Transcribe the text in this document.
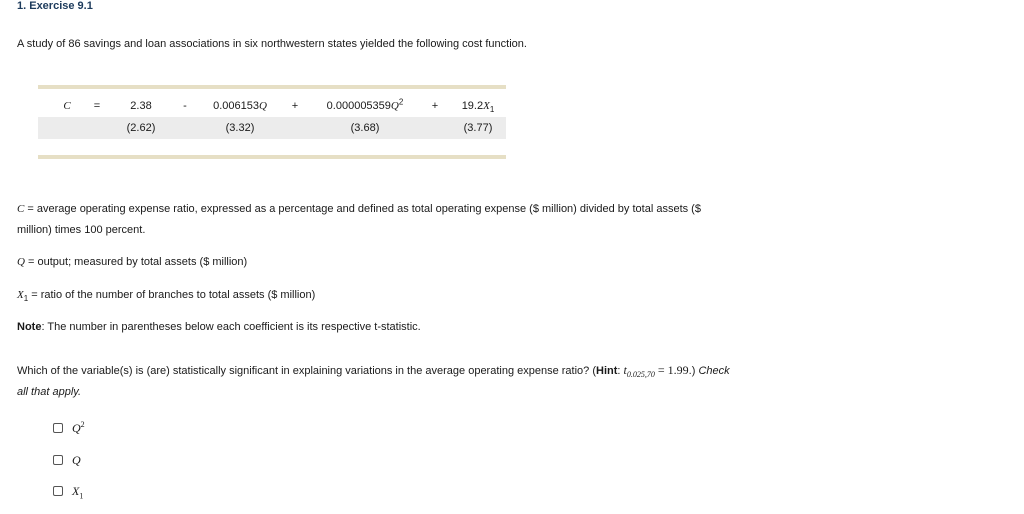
1. Exercise 9.1
A study of 86 savings and loan associations in six northwestern states yielded the following cost function.
C	=	2.38	-	0.006153Q	+	$0.000005359Q^2$	+	$19.2X_1$
(2.62)	(3.32)	(3.68)	(3.77)
C = average operating expense ratio, expressed as a percentage and defined as total operating expense ($ million) divided by total assets ($
million) times 100 percent.
Q = output; measured by total assets ($ million)
$X_1$ = ratio of the number of branches to total assets ($ million)
Note: The number in parentheses below each coefficient is its respective t-statistic.
Which of the variable(s) is (are) statistically significant in explaining variations in the average operating expense ratio? (Hint: $t_{0.025,70} = 1.99$.) Check
all that apply.
$Q^2$
Q
$X_1$
